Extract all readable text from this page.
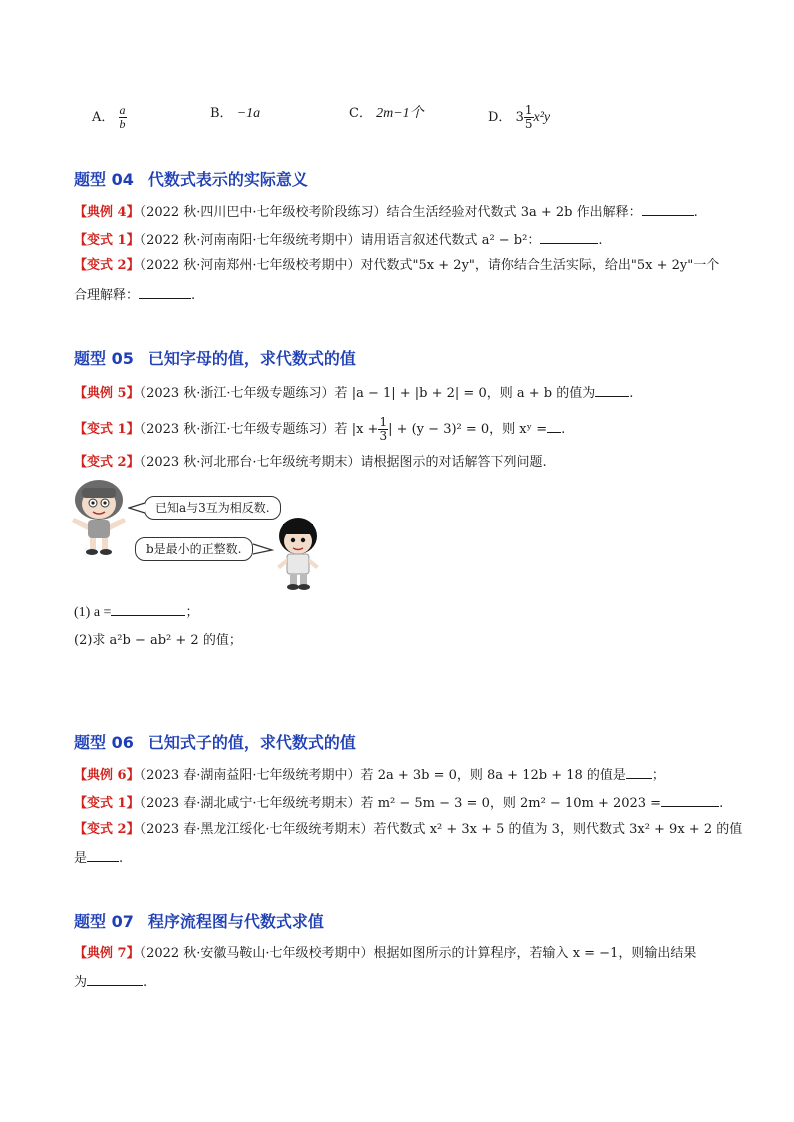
A． $\frac{a}{b}$	B． −1a	C． 2m−1个	D． $3 \frac{1}{5} x^2y$
题型 04 代数式表示的实际意义
【典例 4】（2022 秋·四川巴中·七年级校考阶段练习）结合生活经验对代数式 3a + 2b 作出解释：	.
【变式 1】（2022 秋·河南南阳·七年级统考期中）请用语言叙述代数式 a² − b²：	.
【变式 2】（2022 秋·河南郑州·七年级校考期中）对代数式"5x + 2y"，请你结合生活实际，给出"5x + 2y"一个
合理解释：	.
题型 05 已知字母的值，求代数式的值
【典例 5】（2023 秋·浙江·七年级专题练习）若 |a − 1| + |b + 2| = 0，则 a + b 的值为	.
【变式 1】（2023 秋·浙江·七年级专题练习）若 $|x + \frac{1}{3}$ | + (y − 3)² = 0，则 xʸ = .
【变式 2】（2023 秋·河北邢台·七年级统考期末）请根据图示的对话解答下列问题.
已知a与3互为相反数.
b是最小的正整数.
(1) a =	；
(2)求 a²b − ab² + 2 的值；
题型 06 已知式子的值，求代数式的值
【典例 6】（2023 春·湖南益阳·七年级统考期中）若 2a + 3b = 0，则 8a + 12b + 18 的值是 ；
【变式 1】（2023 春·湖北咸宁·七年级统考期末）若 m² − 5m − 3 = 0，则 2m² − 10m + 2023 =	.
【变式 2】（2023 春·黑龙江绥化·七年级统考期末）若代数式 x² + 3x + 5 的值为 3，则代数式 3x² + 9x + 2 的值
是 .
题型 07 程序流程图与代数式求值
【典例 7】（2022 秋·安徽马鞍山·七年级校考期中）根据如图所示的计算程序，若输入 x = −1，则输出结果
为	.
